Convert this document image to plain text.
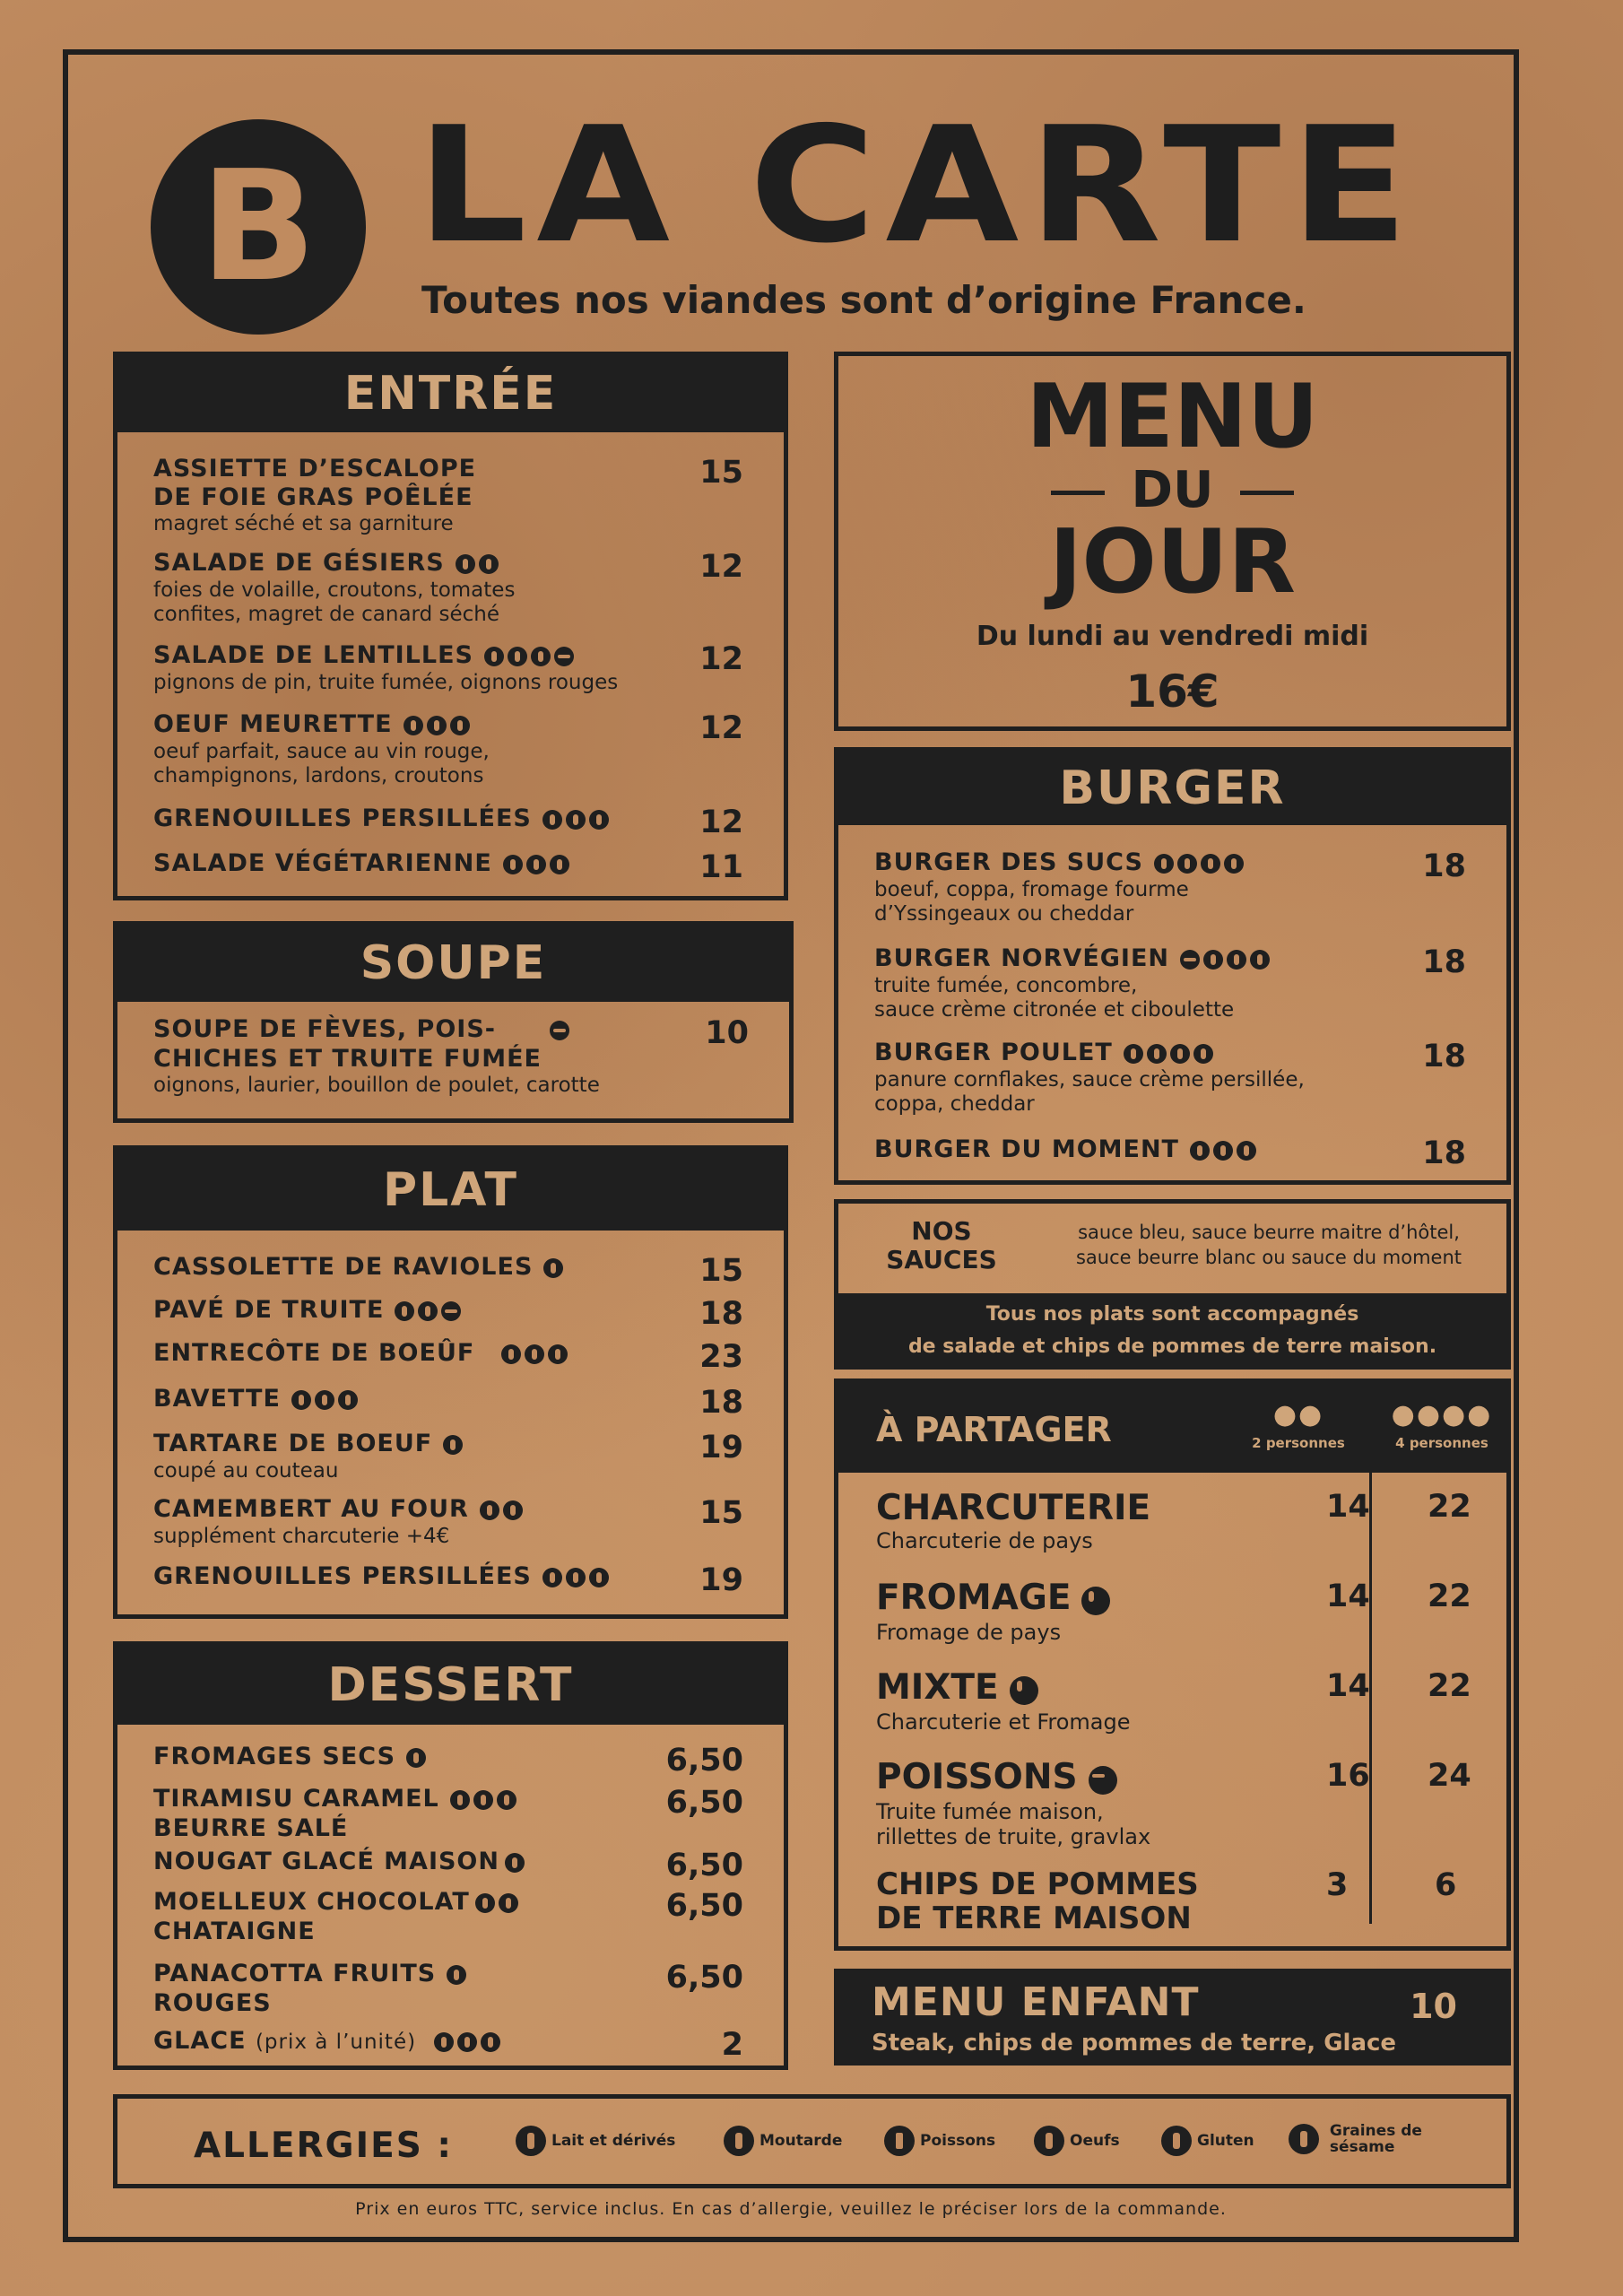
B LA CARTE
Toutes nos viandes sont d’origine France.
ENTRÉE
ASSIETTE D’ESCALOPE
DE FOIE GRAS POÊLÉE
magret séché et sa garniture
15
SALADE DE GÉSIERS
foies de volaille, croutons, tomates
confites, magret de canard séché
12
SALADE DE LENTILLES
pignons de pin, truite fumée, oignons rouges
12
OEUF MEURETTE
oeuf parfait, sauce au vin rouge,
champignons, lardons, croutons
12
GRENOUILLES PERSILLÉES	12
SALADE VÉGÉTARIENNE	11
SOUPE
SOUPE DE FÈVES, POIS-
CHICHES ET TRUITE FUMÉE
oignons, laurier, bouillon de poulet, carotte
10
PLAT
CASSOLETTE DE RAVIOLES	15
PAVÉ DE TRUITE	18
ENTRECÔTE DE BOEÛF	23
BAVETTE	18
TARTARE DE BOEUF
coupé au couteau
19
CAMEMBERT AU FOUR
supplément charcuterie +4€
15
GRENOUILLES PERSILLÉES	19
DESSERT
FROMAGES SECS	6,50
TIRAMISU CARAMEL
BEURRE SALÉ
6,50
NOUGAT GLACÉ MAISON	6,50
MOELLEUX CHOCOLAT
CHATAIGNE
6,50
PANACOTTA FRUITS
ROUGES
6,50
GLACE (prix à l’unité)	2
MENU
DU
JOUR
Du lundi au vendredi midi
16€
BURGER
BURGER DES SUCS
boeuf, coppa, fromage fourme
d’Yssingeaux ou cheddar
18
BURGER NORVÉGIEN
truite fumée, concombre,
sauce crème citronée et ciboulette
18
BURGER POULET
panure cornflakes, sauce crème persillée,
coppa, cheddar
18
BURGER DU MOMENT	18
NOS
SAUCES
sauce bleu, sauce beurre maitre d’hôtel,
sauce beurre blanc ou sauce du moment
Tous nos plats sont accompagnés
de salade et chips de pommes de terre maison.
À PARTAGER	●●
2 personnes
●●●●
4 personnes
CHARCUTERIE
Charcuterie de pays
14 22
FROMAGE
Fromage de pays
14 22
MIXTE
Charcuterie et Fromage
14 22
POISSONS
Truite fumée maison,
rillettes de truite, gravlax
16 24
CHIPS DE POMMES
DE TERRE MAISON
3	6
MENU ENFANT
Steak, chips de pommes de terre, Glace
10
ALLERGIES :	Lait et dérivés	Moutarde	Poissons	Oeufs	Gluten
Graines de
sésame
Prix en euros TTC, service inclus. En cas d’allergie, veuillez le préciser lors de la commande.
